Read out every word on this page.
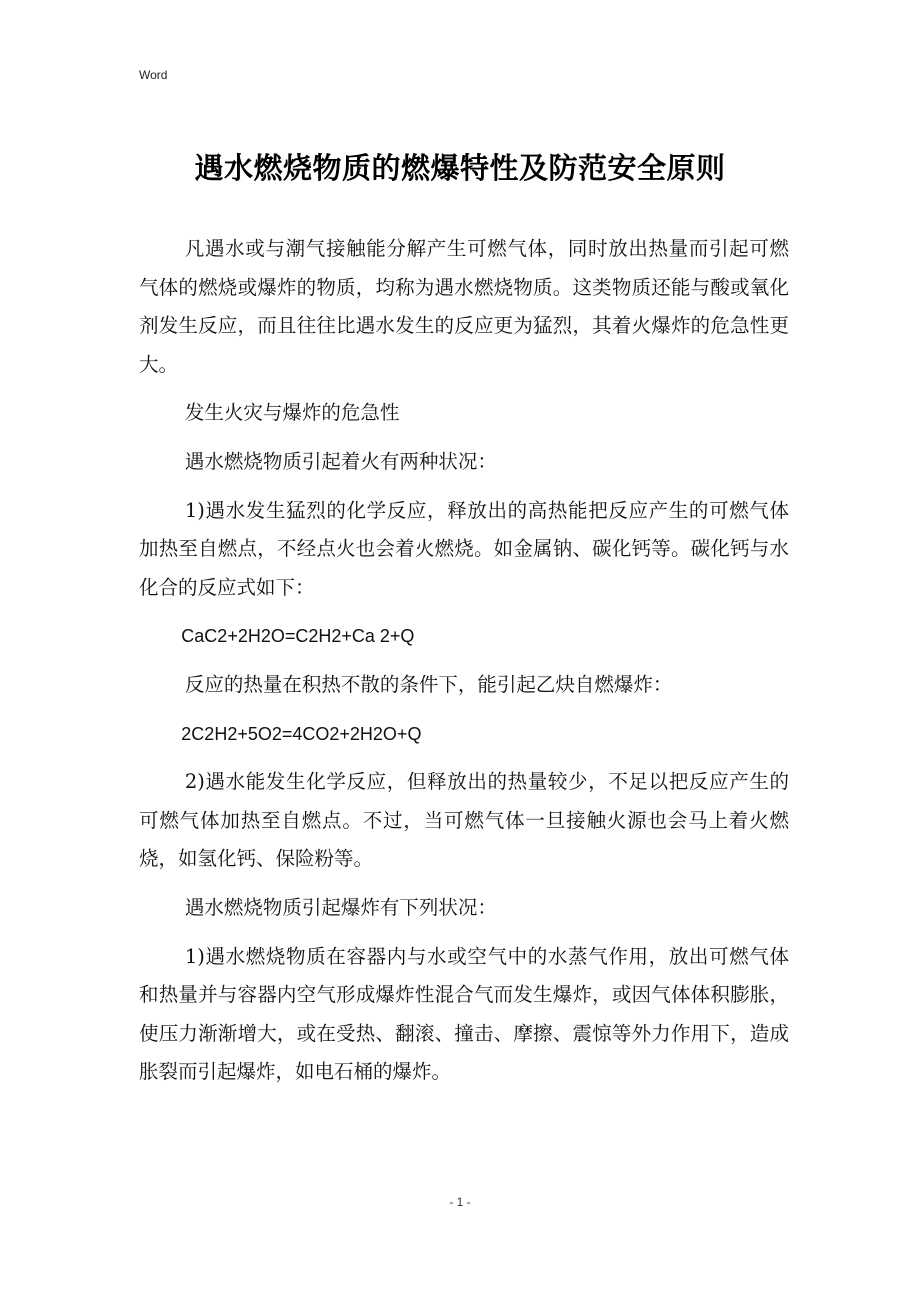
Word
遇水燃烧物质的燃爆特性及防范安全原则

凡遇水或与潮气接触能分解产生可燃气体，同时放出热量而引起可燃气体的燃烧或爆炸的物质，均称为遇水燃烧物质。这类物质还能与酸或氧化剂发生反应，而且往往比遇水发生的反应更为猛烈，其着火爆炸的危急性更大。

发生火灾与爆炸的危急性

遇水燃烧物质引起着火有两种状况：

1)遇水发生猛烈的化学反应，释放出的高热能把反应产生的可燃气体加热至自燃点，不经点火也会着火燃烧。如金属钠、碳化钙等。碳化钙与水化合的反应式如下：

CaC2+2H2O=C2H2+Ca 2+Q

反应的热量在积热不散的条件下，能引起乙炔自燃爆炸：

2C2H2+5O2=4CO2+2H2O+Q

2)遇水能发生化学反应，但释放出的热量较少，不足以把反应产生的可燃气体加热至自燃点。不过，当可燃气体一旦接触火源也会马上着火燃烧，如氢化钙、保险粉等。

遇水燃烧物质引起爆炸有下列状况：

1)遇水燃烧物质在容器内与水或空气中的水蒸气作用，放出可燃气体和热量并与容器内空气形成爆炸性混合气而发生爆炸，或因气体体积膨胀，使压力渐渐增大，或在受热、翻滚、撞击、摩擦、震惊等外力作用下，造成胀裂而引起爆炸，如电石桶的爆炸。

- 1 -
